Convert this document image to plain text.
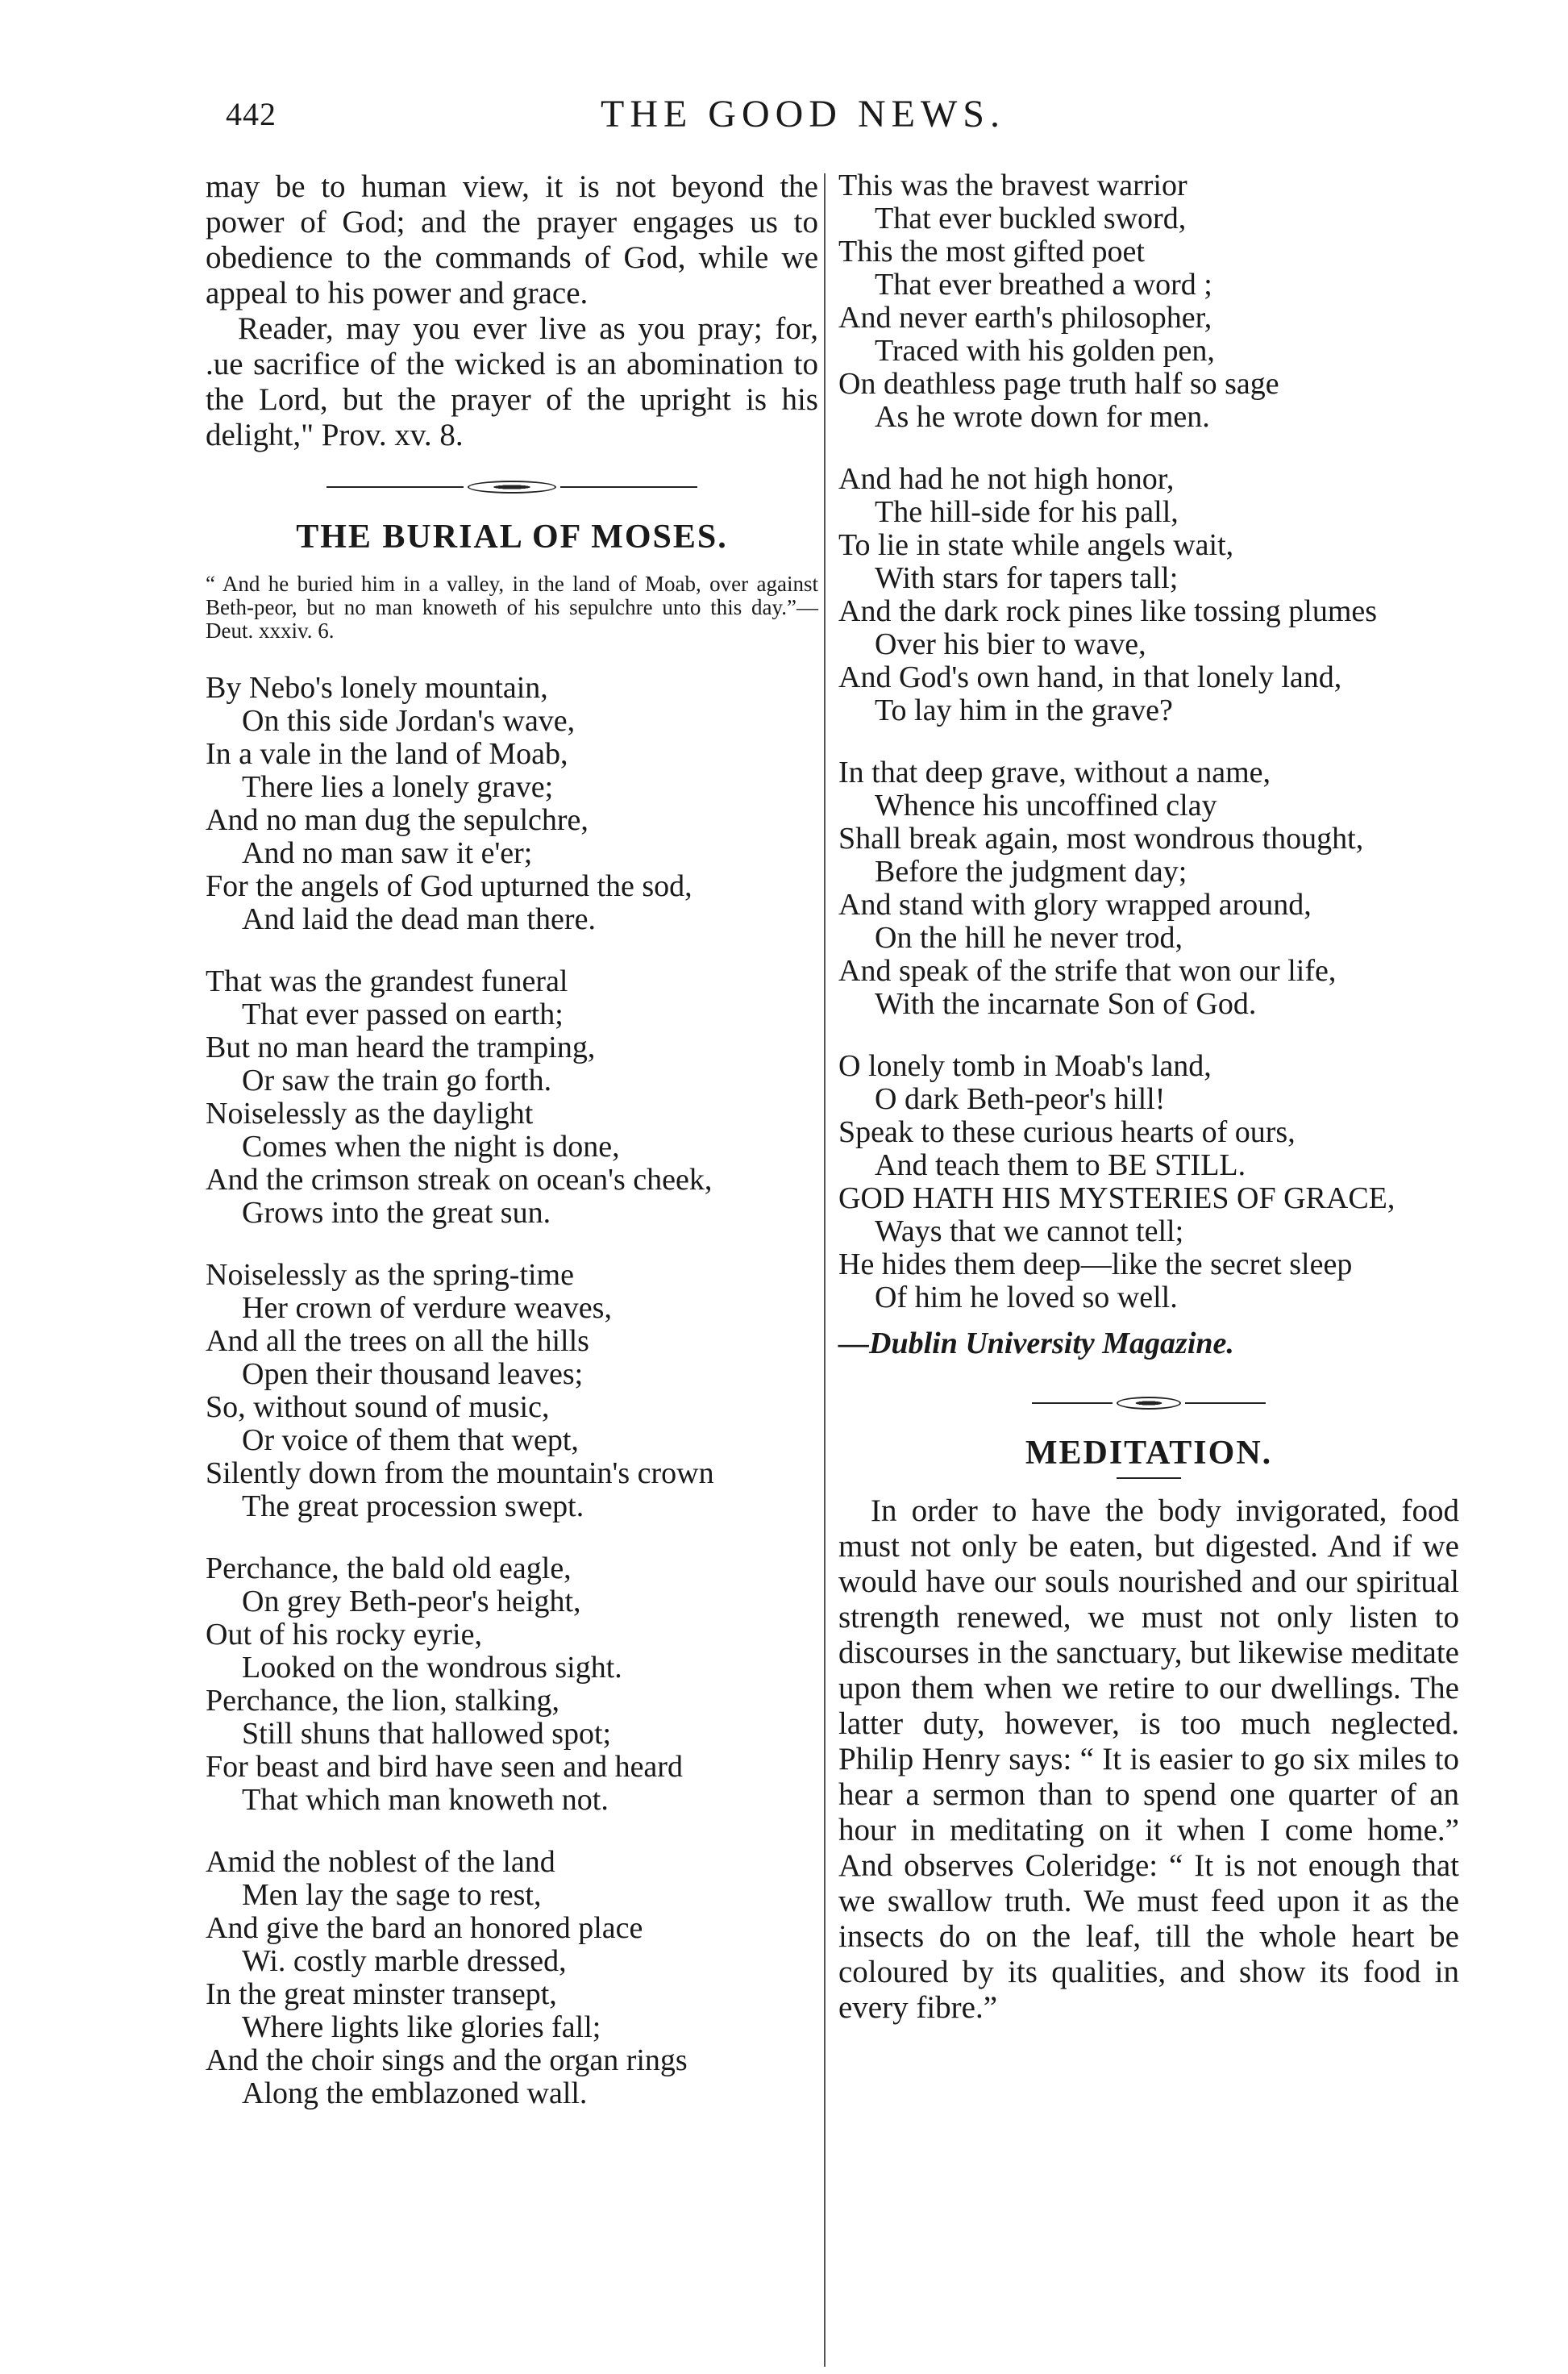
442	THE GOOD NEWS.

may be to human view, it is not beyond the power of God; and the prayer engages us to obedience to the commands of God, while we appeal to his power and grace.

Reader, may you ever live as you pray; for, .ue sacrifice of the wicked is an abomination to the Lord, but the prayer of the upright is his delight," Prov. xv. 8.

THE BURIAL OF MOSES.

“ And he buried him in a valley, in the land of Moab, over against Beth-peor, but no man knoweth of his sepulchre unto this day.”—Deut. xxxiv. 6.

By Nebo's lonely mountain,
On this side Jordan's wave,
In a vale in the land of Moab,
There lies a lonely grave;
And no man dug the sepulchre,
And no man saw it e'er;
For the angels of God upturned the sod,
And laid the dead man there.
That was the grandest funeral
That ever passed on earth;
But no man heard the tramping,
Or saw the train go forth.
Noiselessly as the daylight
Comes when the night is done,
And the crimson streak on ocean's cheek,
Grows into the great sun.
Noiselessly as the spring-time
Her crown of verdure weaves,
And all the trees on all the hills
Open their thousand leaves;
So, without sound of music,
Or voice of them that wept,
Silently down from the mountain's crown
The great procession swept.
Perchance, the bald old eagle,
On grey Beth-peor's height,
Out of his rocky eyrie,
Looked on the wondrous sight.
Perchance, the lion, stalking,
Still shuns that hallowed spot;
For beast and bird have seen and heard
That which man knoweth not.
Amid the noblest of the land
Men lay the sage to rest,
And give the bard an honored place
Wi. costly marble dressed,
In the great minster transept,
Where lights like glories fall;
And the choir sings and the organ rings
Along the emblazoned wall.
This was the bravest warrior
That ever buckled sword,
This the most gifted poet
That ever breathed a word ;
And never earth's philosopher,
Traced with his golden pen,
On deathless page truth half so sage
As he wrote down for men.
And had he not high honor,
The hill-side for his pall,
To lie in state while angels wait,
With stars for tapers tall;
And the dark rock pines like tossing plumes
Over his bier to wave,
And God's own hand, in that lonely land,
To lay him in the grave?
In that deep grave, without a name,
Whence his uncoffined clay
Shall break again, most wondrous thought,
Before the judgment day;
And stand with glory wrapped around,
On the hill he never trod,
And speak of the strife that won our life,
With the incarnate Son of God.
O lonely tomb in Moab's land,
O dark Beth-peor's hill!
Speak to these curious hearts of ours,
And teach them to BE STILL.
GOD HATH HIS MYSTERIES OF GRACE,
Ways that we cannot tell;
He hides them deep—like the secret sleep
Of him he loved so well.

—Dublin University Magazine.

MEDITATION.

In order to have the body invigorated, food must not only be eaten, but digested. And if we would have our souls nourished and our spiritual strength renewed, we must not only listen to discourses in the sanctuary, but likewise meditate upon them when we retire to our dwellings. The latter duty, however, is too much neglected. Philip Henry says: “ It is easier to go six miles to hear a sermon than to spend one quarter of an hour in meditating on it when I come home.” And observes Coleridge: “ It is not enough that we swallow truth. We must feed upon it as the insects do on the leaf, till the whole heart be coloured by its qualities, and show its food in every fibre.”
